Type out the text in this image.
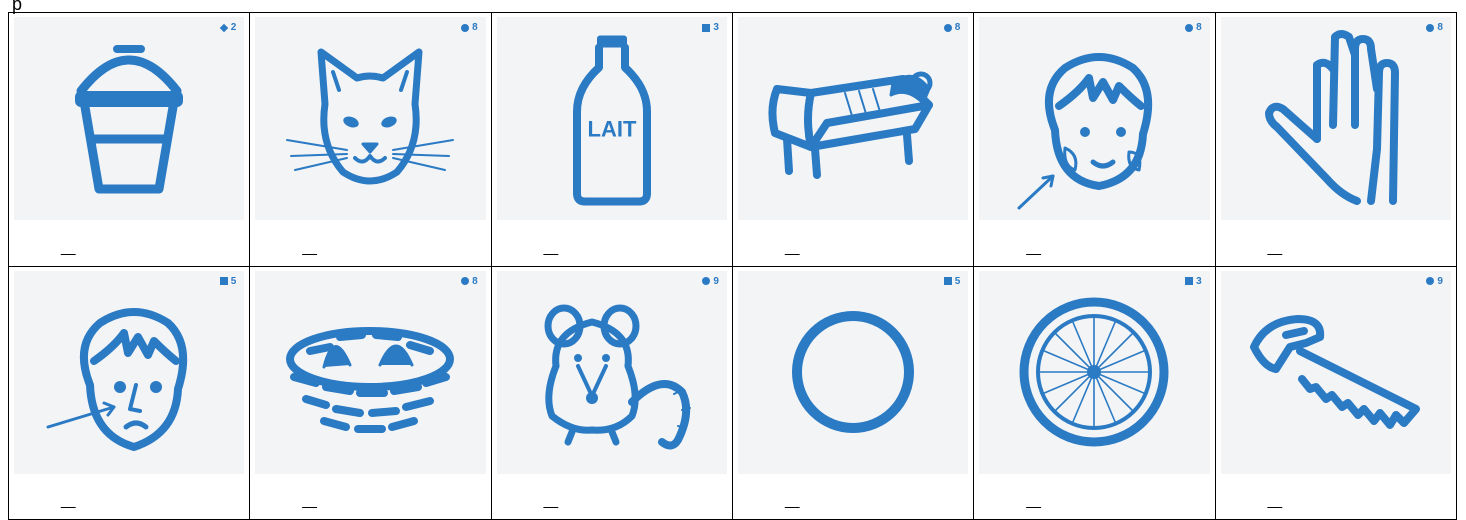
p
2
_
8
_
3
LAIT
_
8
_
8
_
8
_
5
_
8
_
9
_
5
_
3
_
9
_
